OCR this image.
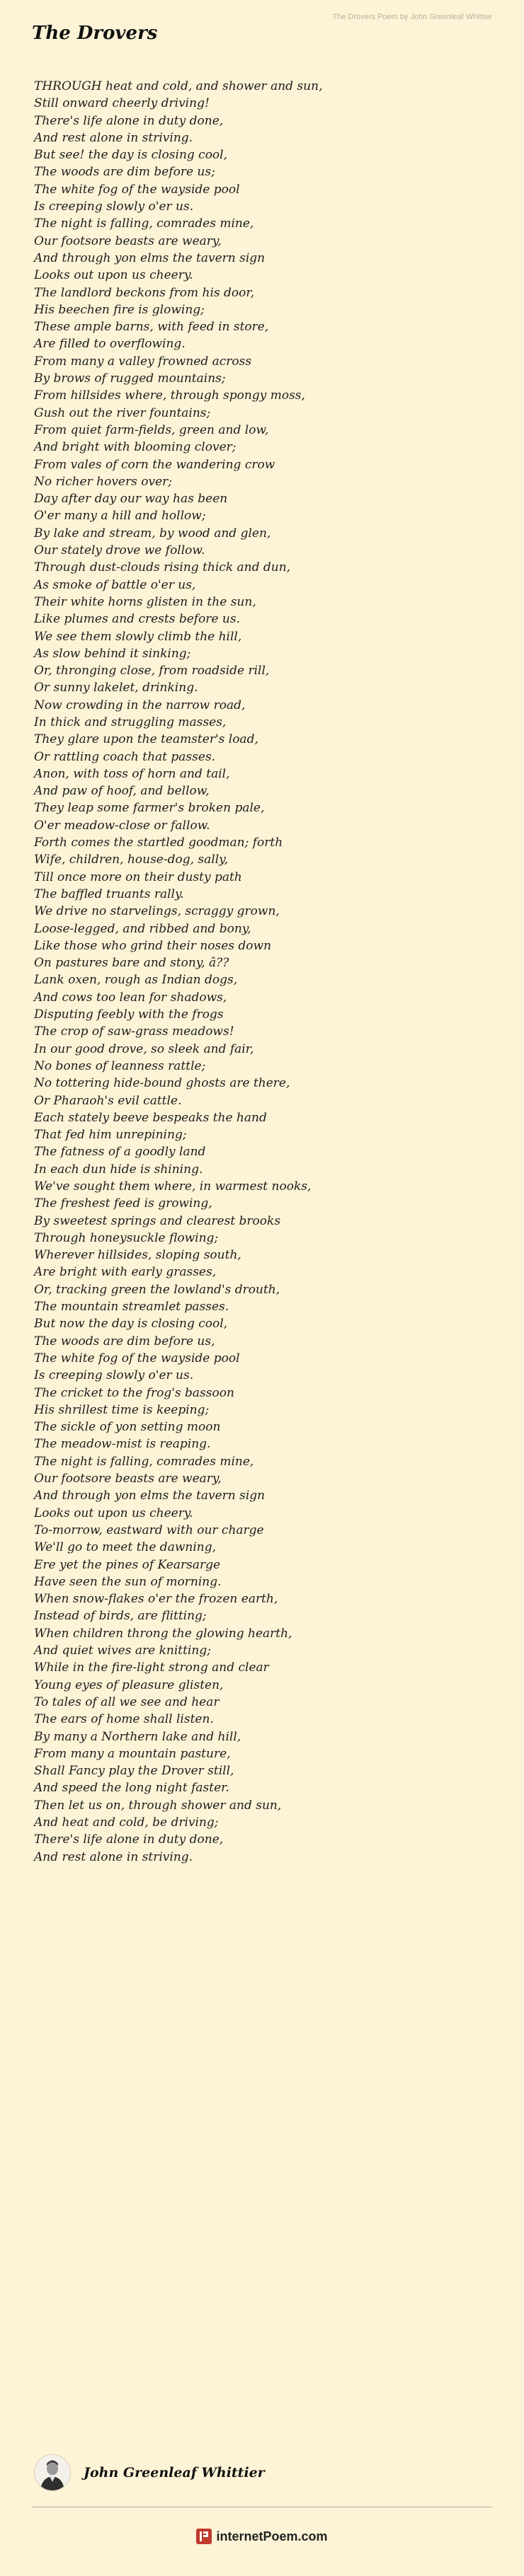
The Drovers Poem by John Greenleaf Whittier
The Drovers
THROUGH heat and cold, and shower and sun,
Still onward cheerly driving!
There's life alone in duty done,
And rest alone in striving.
But see! the day is closing cool,
The woods are dim before us;
The white fog of the wayside pool
Is creeping slowly o'er us.
The night is falling, comrades mine,
Our footsore beasts are weary,
And through yon elms the tavern sign
Looks out upon us cheery.
The landlord beckons from his door,
His beechen fire is glowing;
These ample barns, with feed in store,
Are filled to overflowing.
From many a valley frowned across
By brows of rugged mountains;
From hillsides where, through spongy moss,
Gush out the river fountains;
From quiet farm-fields, green and low,
And bright with blooming clover;
From vales of corn the wandering crow
No richer hovers over;
Day after day our way has been
O'er many a hill and hollow;
By lake and stream, by wood and glen,
Our stately drove we follow.
Through dust-clouds rising thick and dun,
As smoke of battle o'er us,
Their white horns glisten in the sun,
Like plumes and crests before us.
We see them slowly climb the hill,
As slow behind it sinking;
Or, thronging close, from roadside rill,
Or sunny lakelet, drinking.
Now crowding in the narrow road,
In thick and struggling masses,
They glare upon the teamster's load,
Or rattling coach that passes.
Anon, with toss of horn and tail,
And paw of hoof, and bellow,
They leap some farmer's broken pale,
O'er meadow-close or fallow.
Forth comes the startled goodman; forth
Wife, children, house-dog, sally,
Till once more on their dusty path
The baffled truants rally.
We drive no starvelings, scraggy grown,
Loose-legged, and ribbed and bony,
Like those who grind their noses down
On pastures bare and stony, â??
Lank oxen, rough as Indian dogs,
And cows too lean for shadows,
Disputing feebly with the frogs
The crop of saw-grass meadows!
In our good drove, so sleek and fair,
No bones of leanness rattle;
No tottering hide-bound ghosts are there,
Or Pharaoh's evil cattle.
Each stately beeve bespeaks the hand
That fed him unrepining;
The fatness of a goodly land
In each dun hide is shining.
We've sought them where, in warmest nooks,
The freshest feed is growing,
By sweetest springs and clearest brooks
Through honeysuckle flowing;
Wherever hillsides, sloping south,
Are bright with early grasses,
Or, tracking green the lowland's drouth,
The mountain streamlet passes.
But now the day is closing cool,
The woods are dim before us,
The white fog of the wayside pool
Is creeping slowly o'er us.
The cricket to the frog's bassoon
His shrillest time is keeping;
The sickle of yon setting moon
The meadow-mist is reaping.
The night is falling, comrades mine,
Our footsore beasts are weary,
And through yon elms the tavern sign
Looks out upon us cheery.
To-morrow, eastward with our charge
We'll go to meet the dawning,
Ere yet the pines of Kearsarge
Have seen the sun of morning.
When snow-flakes o'er the frozen earth,
Instead of birds, are flitting;
When children throng the glowing hearth,
And quiet wives are knitting;
While in the fire-light strong and clear
Young eyes of pleasure glisten,
To tales of all we see and hear
The ears of home shall listen.
By many a Northern lake and hill,
From many a mountain pasture,
Shall Fancy play the Drover still,
And speed the long night faster.
Then let us on, through shower and sun,
And heat and cold, be driving;
There's life alone in duty done,
And rest alone in striving.
John Greenleaf Whittier
internetPoem.com
